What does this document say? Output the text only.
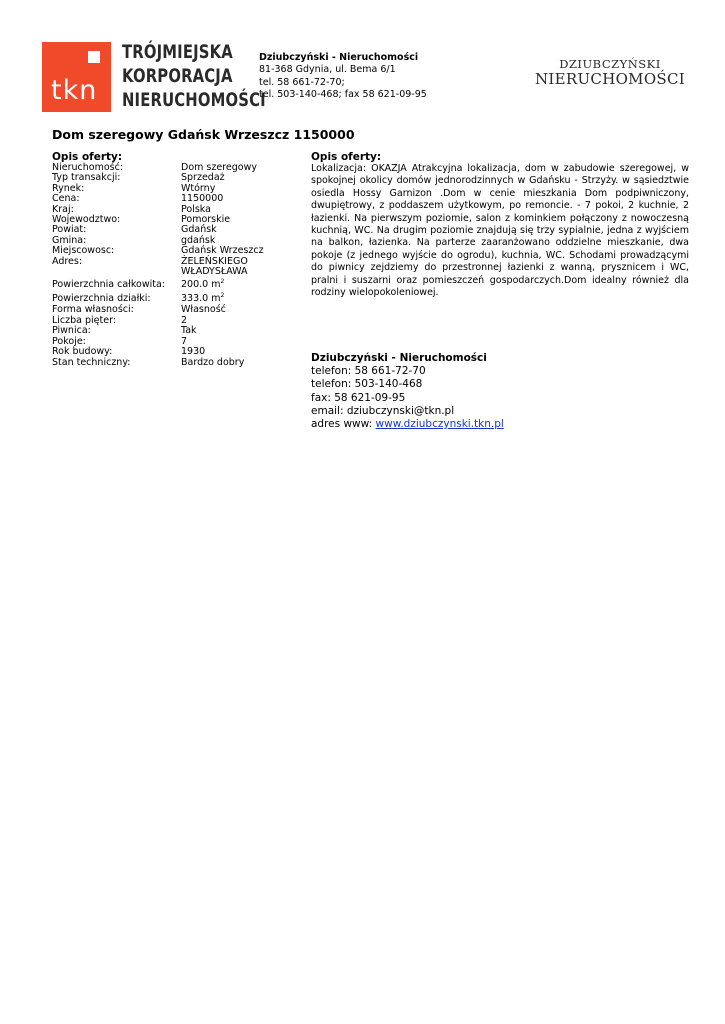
tkn
TRÓJMIEJSKA
KORPORACJA
NIERUCHOMOŚCI
Dziubczyński - Nieruchomości
81-368 Gdynia, ul. Bema 6/1
tel. 58 661-72-70;
tel. 503-140-468; fax 58 621-09-95
DZIUBCZYŃSKI
NIERUCHOMOŚCI
Dom szeregowy Gdańsk Wrzeszcz 1150000
Opis oferty:
Nieruchomość:	Dom szeregowy
Typ transakcji:	Sprzedaż
Rynek:	Wtórny
Cena:	1150000
Kraj:	Polska
Wojewodztwo:	Pomorskie
Powiat:	Gdańsk
Gmina:	gdańsk
Miejscowosc:	Gdańsk Wrzeszcz
Adres:	ŻELEŃSKIEGO WŁADYSŁAWA
Powierzchnia całkowita:	200.0 $m^2$
Powierzchnia działki:	333.0 $m^2$
Forma własności:	Własność
Liczba pięter:	2
Piwnica:	Tak
Pokoje:	7
Rok budowy:	1930
Stan techniczny:	Bardzo dobry
Opis oferty:
Lokalizacja: OKAZJA Atrakcyjna lokalizacja, dom w zabudowie szeregowej, w spokojnej okolicy domów jednorodzinnych w Gdańsku - Strzyży. w sąsiedztwie osiedla Hossy Garnizon .Dom w cenie mieszkania Dom podpiwniczony, dwupiętrowy, z poddaszem użytkowym, po remoncie. - 7 pokoi, 2 kuchnie, 2 łazienki. Na pierwszym poziomie, salon z kominkiem połączony z nowoczesną kuchnią, WC. Na drugim poziomie znajdują się trzy sypialnie, jedna z wyjściem na balkon, łazienka. Na parterze zaaranżowano oddzielne mieszkanie, dwa pokoje (z jednego wyjście do ogrodu), kuchnia, WC. Schodami prowadzącymi do piwnicy zejdziemy do przestronnej łazienki z wanną, prysznicem i WC, pralni i suszarni oraz pomieszczeń gospodarczych.Dom idealny również dla rodziny wielopokoleniowej.
Dziubczyński - Nieruchomości
telefon: 58 661-72-70
telefon: 503-140-468
fax: 58 621-09-95
email: dziubczynski@tkn.pl
adres www: www.dziubczynski.tkn.pl
